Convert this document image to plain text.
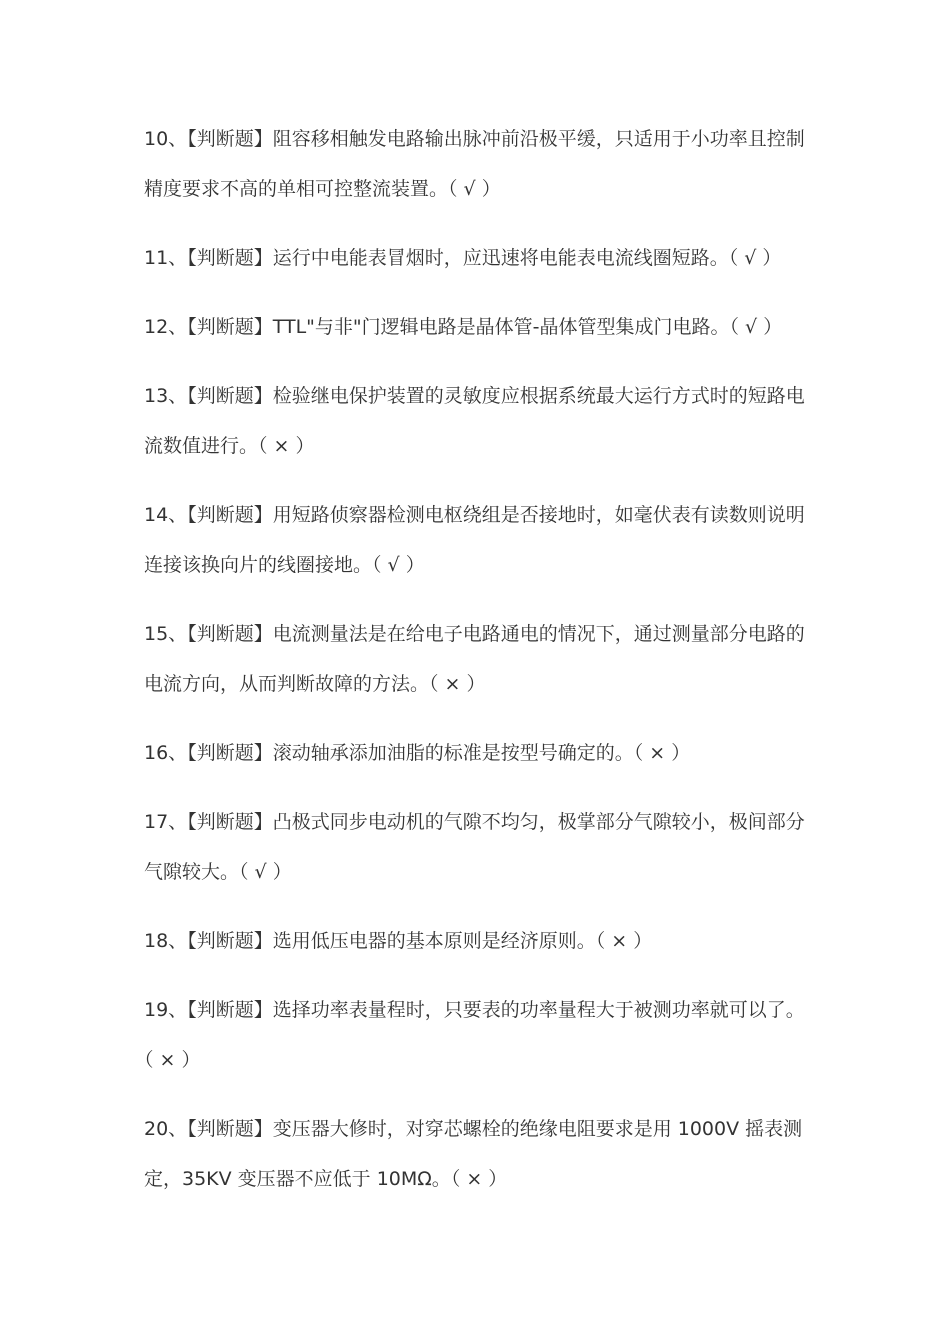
10、【判断题】阻容移相触发电路输出脉冲前沿极平缓，只适用于小功率且控制精度要求不高的单相可控整流装置。（ √ ）
11、【判断题】运行中电能表冒烟时，应迅速将电能表电流线圈短路。（ √ ）
12、【判断题】TTL"与非"门逻辑电路是晶体管-晶体管型集成门电路。（ √ ）
13、【判断题】检验继电保护装置的灵敏度应根据系统最大运行方式时的短路电流数值进行。（ × ）
14、【判断题】用短路侦察器检测电枢绕组是否接地时，如毫伏表有读数则说明连接该换向片的线圈接地。（ √ ）
15、【判断题】电流测量法是在给电子电路通电的情况下，通过测量部分电路的电流方向，从而判断故障的方法。（ × ）
16、【判断题】滚动轴承添加油脂的标准是按型号确定的。（ × ）
17、【判断题】凸极式同步电动机的气隙不均匀，极掌部分气隙较小，极间部分气隙较大。（ √ ）
18、【判断题】选用低压电器的基本原则是经济原则。（ × ）
19、【判断题】选择功率表量程时，只要表的功率量程大于被测功率就可以了。（ × ）
20、【判断题】变压器大修时，对穿芯螺栓的绝缘电阻要求是用 1000V 摇表测定，35KV 变压器不应低于 10MΩ。（ × ）
